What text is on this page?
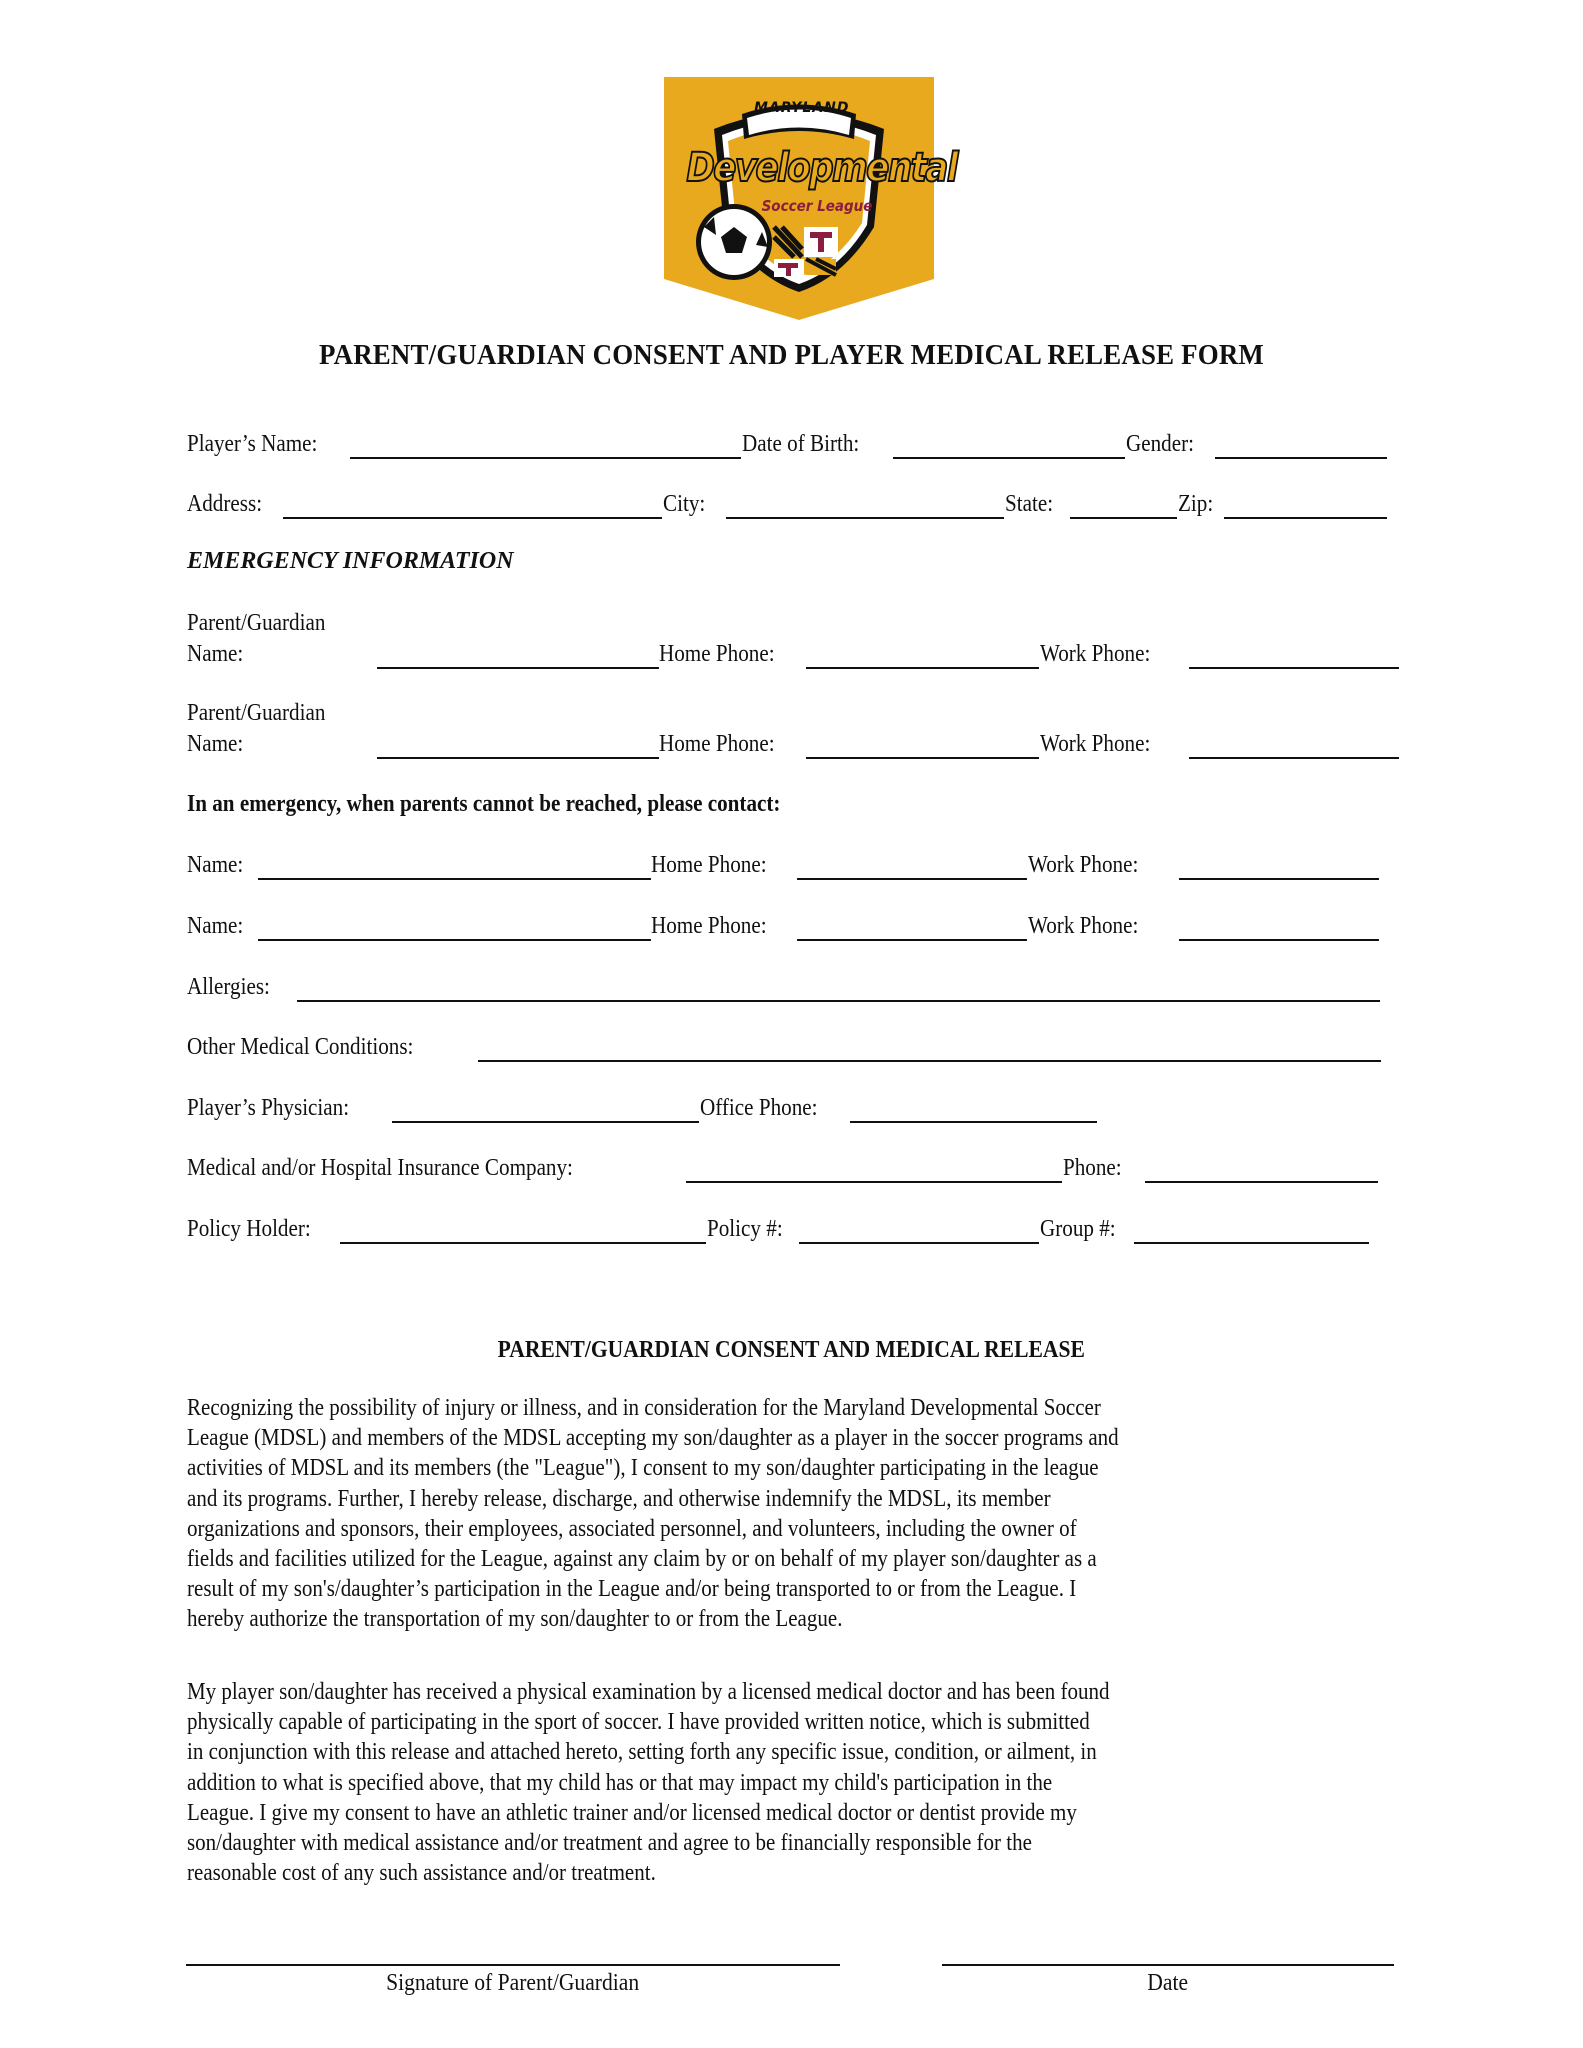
MARYLAND
Developmental
Soccer League
PARENT/GUARDIAN CONSENT AND PLAYER MEDICAL RELEASE FORM
Player’s Name:	Date of Birth:	Gender:
Address:	City:	State:	Zip:
EMERGENCY INFORMATION
Parent/Guardian
Name:	Home Phone:	Work Phone:
Parent/Guardian
Name:	Home Phone:	Work Phone:
In an emergency, when parents cannot be reached, please contact:
Name:	Home Phone:	Work Phone:
Name:	Home Phone:	Work Phone:
Allergies:
Other Medical Conditions:
Player’s Physician:	Office Phone:
Medical and/or Hospital Insurance Company:	Phone:
Policy Holder:	Policy #:	Group #:
PARENT/GUARDIAN CONSENT AND MEDICAL RELEASE
Recognizing the possibility of injury or illness, and in consideration for the Maryland Developmental Soccer
League (MDSL) and members of the MDSL accepting my son/daughter as a player in the soccer programs and
activities of MDSL and its members (the "League"), I consent to my son/daughter participating in the league
and its programs. Further, I hereby release, discharge, and otherwise indemnify the MDSL, its member
organizations and sponsors, their employees, associated personnel, and volunteers, including the owner of
fields and facilities utilized for the League, against any claim by or on behalf of my player son/daughter as a
result of my son's/daughter’s participation in the League and/or being transported to or from the League. I
hereby authorize the transportation of my son/daughter to or from the League.
My player son/daughter has received a physical examination by a licensed medical doctor and has been found
physically capable of participating in the sport of soccer. I have provided written notice, which is submitted
in conjunction with this release and attached hereto, setting forth any specific issue, condition, or ailment, in
addition to what is specified above, that my child has or that may impact my child's participation in the
League. I give my consent to have an athletic trainer and/or licensed medical doctor or dentist provide my
son/daughter with medical assistance and/or treatment and agree to be financially responsible for the
reasonable cost of any such assistance and/or treatment.
Signature of Parent/Guardian	Date
